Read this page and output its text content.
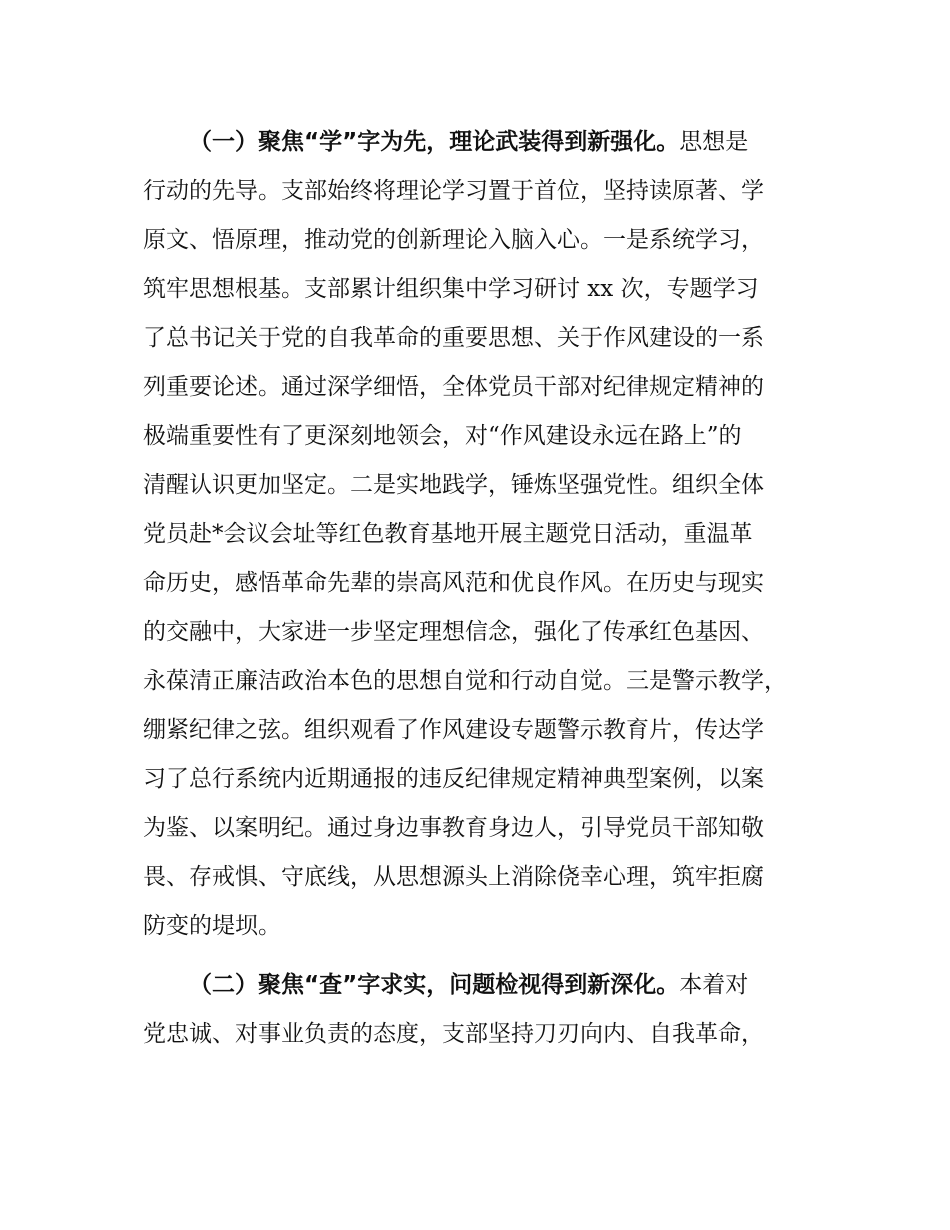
（一）聚焦“学”字为先，理论武装得到新强化。思想是
行动的先导。支部始终将理论学习置于首位，坚持读原著、学
原文、悟原理，推动党的创新理论入脑入心。一是系统学习，
筑牢思想根基。支部累计组织集中学习研讨 xx 次，专题学习
了总书记关于党的自我革命的重要思想、关于作风建设的一系
列重要论述。通过深学细悟，全体党员干部对纪律规定精神的
极端重要性有了更深刻地领会，对“作风建设永远在路上”的
清醒认识更加坚定。二是实地践学，锤炼坚强党性。组织全体
党员赴*会议会址等红色教育基地开展主题党日活动，重温革
命历史，感悟革命先辈的崇高风范和优良作风。在历史与现实
的交融中，大家进一步坚定理想信念，强化了传承红色基因、
永葆清正廉洁政治本色的思想自觉和行动自觉。三是警示教学，
绷紧纪律之弦。组织观看了作风建设专题警示教育片，传达学
习了总行系统内近期通报的违反纪律规定精神典型案例，以案
为鉴、以案明纪。通过身边事教育身边人，引导党员干部知敬
畏、存戒惧、守底线，从思想源头上消除侥幸心理，筑牢拒腐
防变的堤坝。
（二）聚焦“查”字求实，问题检视得到新深化。本着对
党忠诚、对事业负责的态度，支部坚持刀刃向内、自我革命，
